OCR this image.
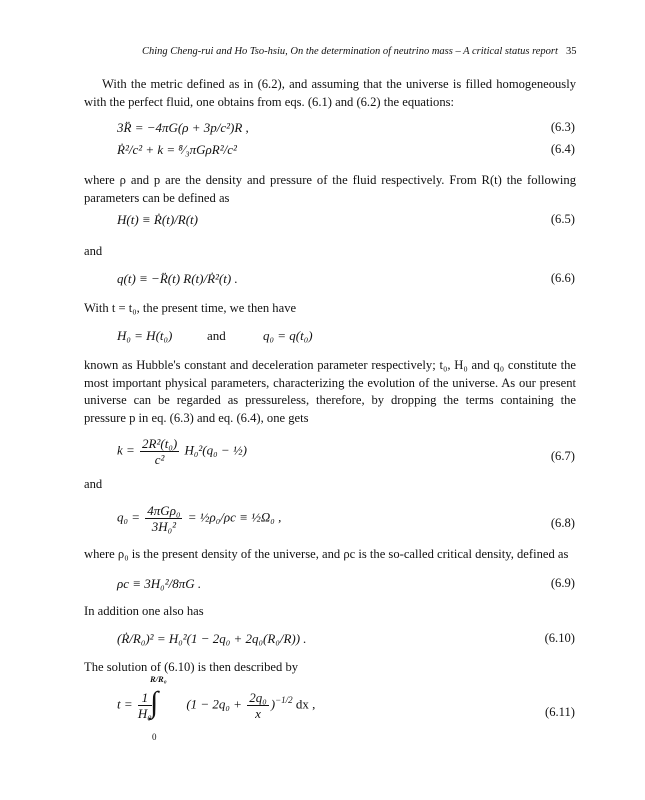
Ching Cheng-rui and Ho Tso-hsiu, On the determination of neutrino mass – A critical status report 35
With the metric defined as in (6.2), and assuming that the universe is filled homogeneously with the perfect fluid, one obtains from eqs. (6.1) and (6.2) the equations:
3R̈ = −4πG(ρ + 3p/c²)R ,	(6.3)
Ṙ²/c² + k = ⁸⁄₃πGρR²/c²	(6.4)
where ρ and p are the density and pressure of the fluid respectively. From R(t) the following parameters can be defined as
H(t) ≡ Ṙ(t)/R(t)	(6.5)
and
q(t) ≡ −R̈(t) R(t)/Ṙ²(t) .	(6.6)
With t = t₀, the present time, we then have
H₀ = H(t₀)	and	q₀ = q(t₀)
known as Hubble's constant and deceleration parameter respectively; t₀, H₀ and q₀ constitute the most important physical parameters, characterizing the evolution of the universe. As our present universe can be regarded as pressureless, therefore, by dropping the terms containing the pressure p in eq. (6.3) and eq. (6.4), one gets
$k = \frac{\text{2R²(t₀)}}{\text{c²}} H_0^2(q_0$ − ½)	(6.7)
and
$q_0 = \frac{\text{4πGρ₀}}{\text{3H₀²}}$ = ½ρ₀/ρc ≡ ½Ω₀ ,	(6.8)
where ρ₀ is the present density of the universe, and ρc is the so-called critical density, defined as
ρc ≡ 3H₀²/8πG .	(6.9)
In addition one also has
(Ṙ/R₀)² = H₀²(1 − 2q₀ + 2q₀(R₀/R)) .	(6.10)
The solution of (6.10) is then described by
R/R₀
∫
0
$t = \frac{1}{\text{H₀}}$	$(1 - 2q_0 + \frac{\text{2q₀}}{x} )^{-1/2}$ dx ,
(6.11)
